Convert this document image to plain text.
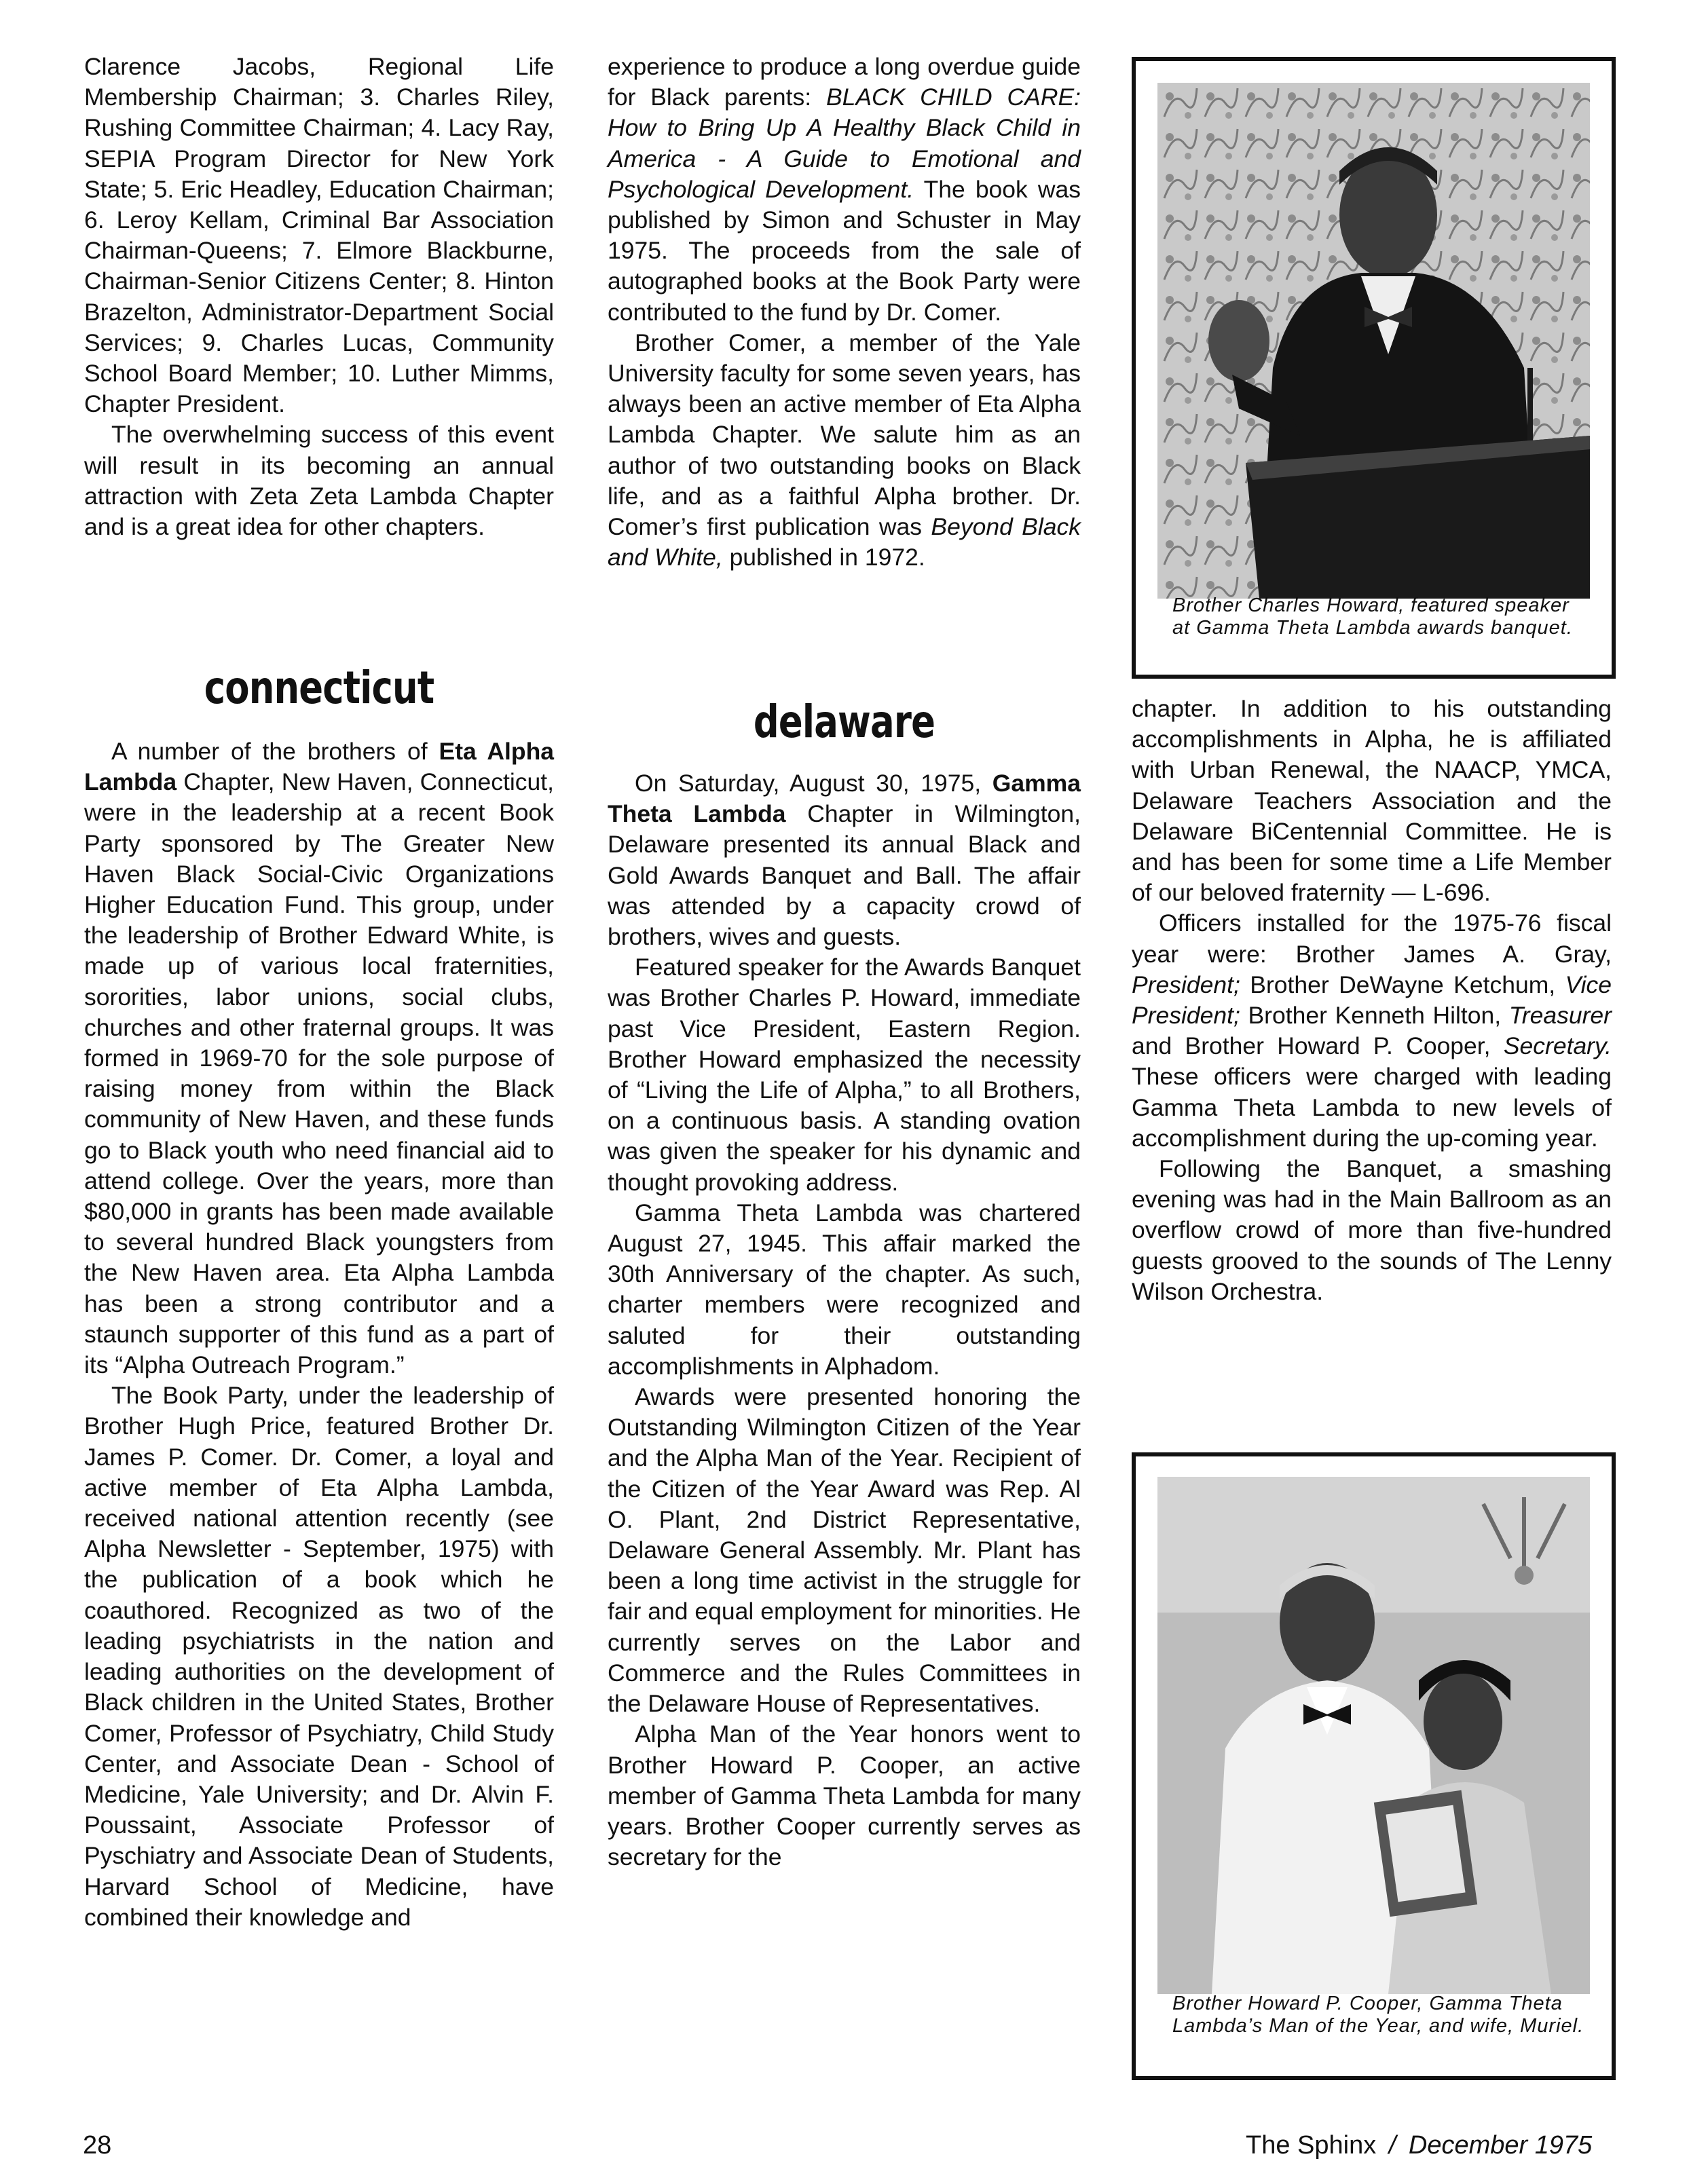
Clarence Jacobs, Regional Life Membership Chairman; 3. Charles Riley, Rushing Committee Chairman; 4. Lacy Ray, SEPIA Program Director for New York State; 5. Eric Headley, Education Chairman; 6. Leroy Kellam, Criminal Bar Association Chairman-Queens; 7. Elmore Blackburne, Chairman-Senior Citizens Center; 8. Hinton Brazelton, Administrator-Department Social Services; 9. Charles Lucas, Community School Board Member; 10. Luther Mimms, Chapter President.

The overwhelming success of this event will result in its becoming an annual attraction with Zeta Zeta Lambda Chapter and is a great idea for other chapters.

connecticut

A number of the brothers of Eta Alpha Lambda Chapter, New Haven, Connecticut, were in the leadership at a recent Book Party sponsored by The Greater New Haven Black Social-Civic Organizations Higher Education Fund. This group, under the leadership of Brother Edward White, is made up of various local fraternities, sororities, labor unions, social clubs, churches and other fraternal groups. It was formed in 1969-70 for the sole purpose of raising money from within the Black community of New Haven, and these funds go to Black youth who need financial aid to attend college. Over the years, more than $80,000 in grants has been made available to several hundred Black youngsters from the New Haven area. Eta Alpha Lambda has been a strong contributor and a staunch supporter of this fund as a part of its “Alpha Outreach Program.”

The Book Party, under the leadership of Brother Hugh Price, featured Brother Dr. James P. Comer. Dr. Comer, a loyal and active member of Eta Alpha Lambda, received national attention recently (see Alpha Newsletter - September, 1975) with the publication of a book which he coauthored. Recognized as two of the leading psychiatrists in the nation and leading authorities on the development of Black children in the United States, Brother Comer, Professor of Psychiatry, Child Study Center, and Associate Dean - School of Medicine, Yale University; and Dr. Alvin F. Poussaint, Associate Professor of Pyschiatry and Associate Dean of Students, Harvard School of Medicine, have combined their knowledge and

experience to produce a long overdue guide for Black parents: BLACK CHILD CARE: How to Bring Up A Healthy Black Child in America - A Guide to Emotional and Psychological Development. The book was published by Simon and Schuster in May 1975. The proceeds from the sale of autographed books at the Book Party were contributed to the fund by Dr. Comer.

Brother Comer, a member of the Yale University faculty for some seven years, has always been an active member of Eta Alpha Lambda Chapter. We salute him as an author of two outstanding books on Black life, and as a faithful Alpha brother. Dr. Comer’s first publication was Beyond Black and White, published in 1972.

delaware

On Saturday, August 30, 1975, Gamma Theta Lambda Chapter in Wilmington, Delaware presented its annual Black and Gold Awards Banquet and Ball. The affair was attended by a capacity crowd of brothers, wives and guests.

Featured speaker for the Awards Banquet was Brother Charles P. Howard, immediate past Vice President, Eastern Region. Brother Howard emphasized the necessity of “Living the Life of Alpha,” to all Brothers, on a continuous basis. A standing ovation was given the speaker for his dynamic and thought provoking address.

Gamma Theta Lambda was chartered August 27, 1945. This affair marked the 30th Anniversary of the chapter. As such, charter members were recognized and saluted for their outstanding accomplishments in Alphadom.

Awards were presented honoring the Outstanding Wilmington Citizen of the Year and the Alpha Man of the Year. Recipient of the Citizen of the Year Award was Rep. Al O. Plant, 2nd District Representative, Delaware General Assembly. Mr. Plant has been a long time activist in the struggle for fair and equal employment for minorities. He currently serves on the Labor and Commerce and the Rules Committees in the Delaware House of Representatives.

Alpha Man of the Year honors went to Brother Howard P. Cooper, an active member of Gamma Theta Lambda for many years. Brother Cooper currently serves as secretary for the

Brother Charles Howard, featured speaker at Gamma Theta Lambda awards banquet.

chapter. In addition to his outstanding accomplishments in Alpha, he is affiliated with Urban Renewal, the NAACP, YMCA, Delaware Teachers Association and the Delaware BiCentennial Committee. He is and has been for some time a Life Member of our beloved fraternity — L-696.

Officers installed for the 1975-76 fiscal year were: Brother James A. Gray, President; Brother DeWayne Ketchum, Vice President; Brother Kenneth Hilton, Treasurer and Brother Howard P. Cooper, Secretary. These officers were charged with leading Gamma Theta Lambda to new levels of accomplishment during the up-coming year.

Following the Banquet, a smashing evening was had in the Main Ballroom as an overflow crowd of more than five-hundred guests grooved to the sounds of The Lenny Wilson Orchestra.

Brother Howard P. Cooper, Gamma Theta Lambda’s Man of the Year, and wife, Muriel.

28	The Sphinx / December 1975
